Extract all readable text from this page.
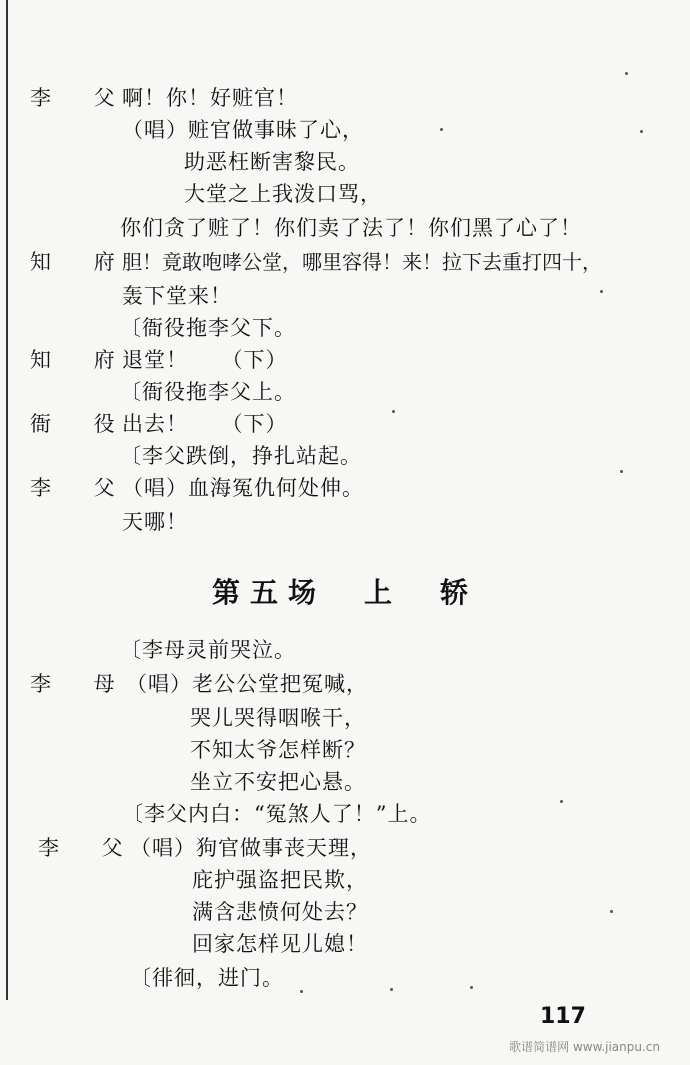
李 父
啊！你！好赃官！
（唱）赃官做事昧了心，
助恶枉断害黎民。
大堂之上我泼口骂，
你们贪了赃了！你们卖了法了！你们黑了心了！
知 府
胆！竟敢咆哮公堂，哪里容得！来！拉下去重打四十，
轰下堂来！
〔衙役拖李父下。
知 府
退堂！　　（下）
〔衙役拖李父上。
衙 役
出去！　　（下）
〔李父跌倒，挣扎站起。
李 父
（唱）血海冤仇何处伸。
天哪！
第五场　上　轿
〔李母灵前哭泣。
李 母
（唱）老公公堂把冤喊，
哭儿哭得咽喉干，
不知太爷怎样断？
坐立不安把心悬。
〔李父内白：“冤煞人了！”上。
李 父
（唱）狗官做事丧天理，
庇护强盗把民欺，
满含悲愤何处去？
回家怎样见儿媳！
〔徘徊，进门。
117
歌谱简谱网 www.jianpu.cn
